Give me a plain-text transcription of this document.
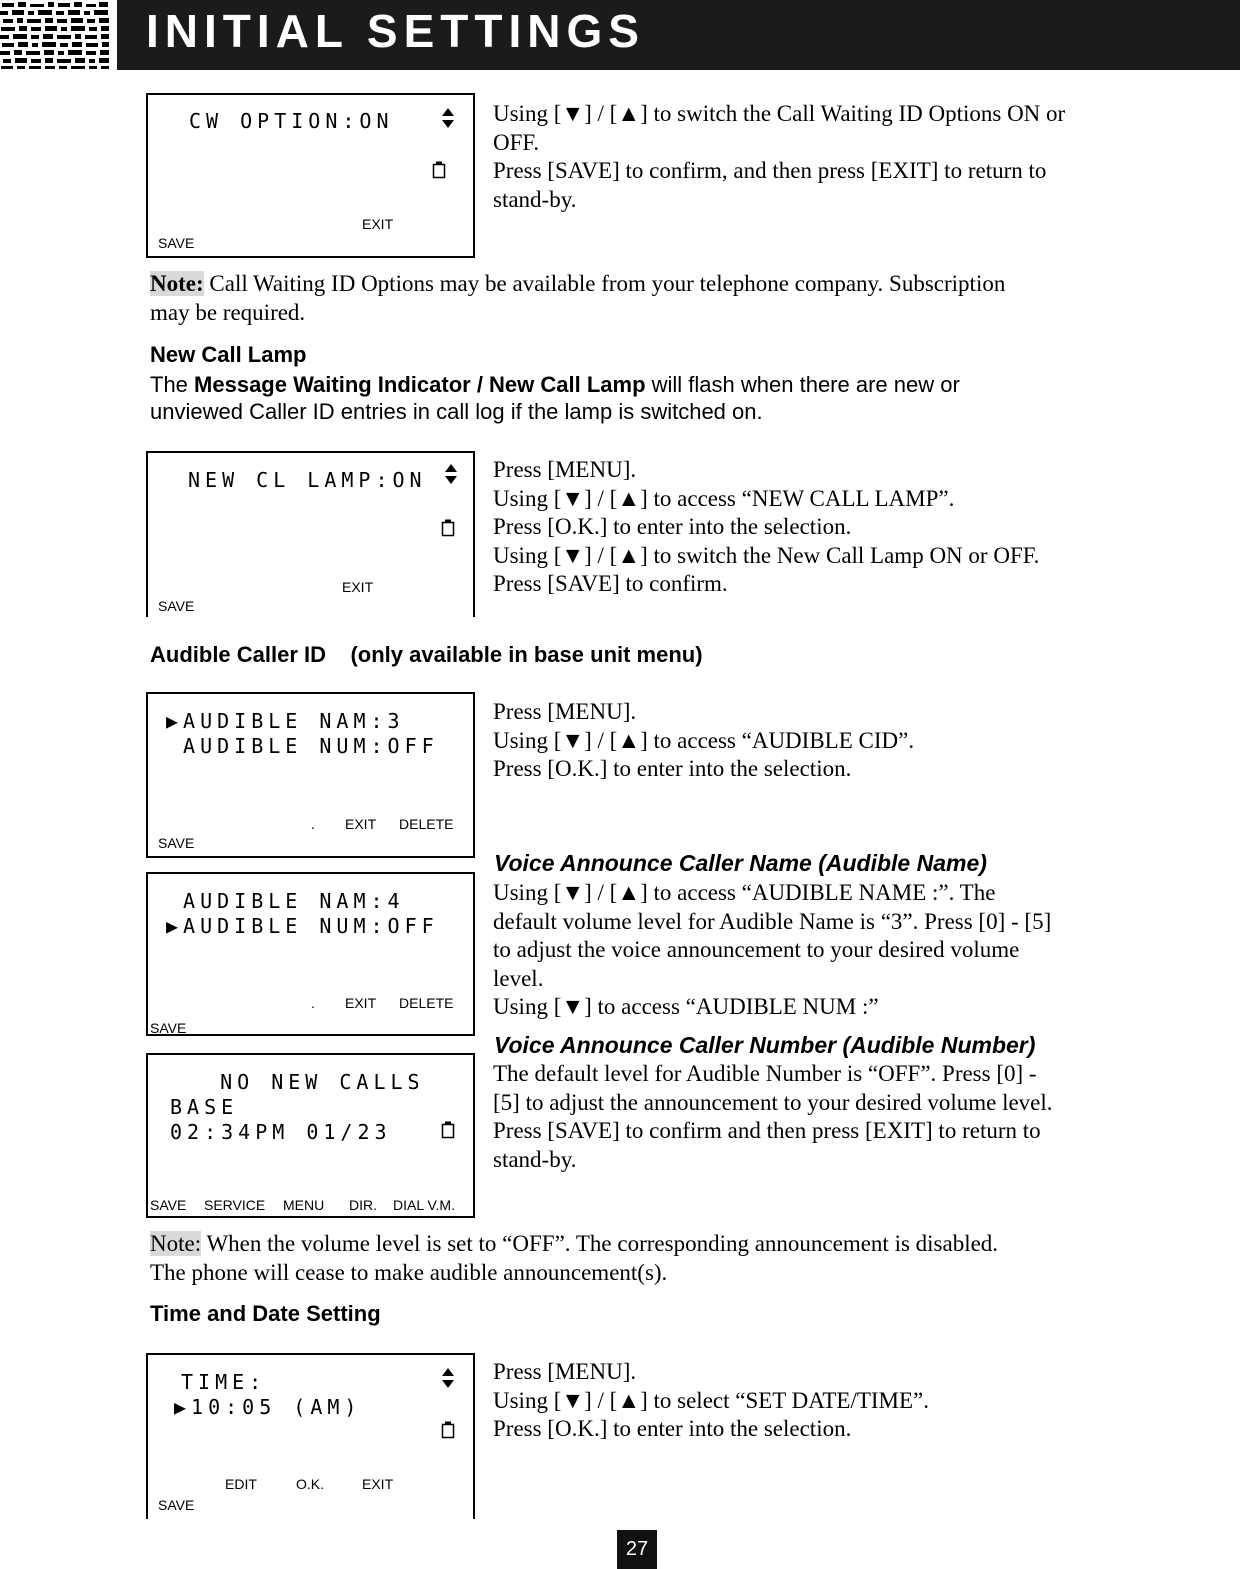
INITIAL SETTINGS
CW OPTION:ON
EXIT
SAVE

Using [▼] / [▲] to switch the Call Waiting ID Options ON or

OFF.

Press [SAVE] to confirm, and then press [EXIT] to return to

stand-by.

Note: Call Waiting ID Options may be available from your telephone company. Subscription

may be required.

New Call Lamp

The Message Waiting Indicator / New Call Lamp will flash when there are new or

unviewed Caller ID entries in call log if the lamp is switched on.

NEW CL LAMP:ON
EXIT
SAVE

Press [MENU].

Using [▼] / [▲] to access “NEW CALL LAMP”.

Press [O.K.] to enter into the selection.

Using [▼] / [▲] to switch the New Call Lamp ON or OFF.

Press [SAVE] to confirm.

Audible Caller ID    (only available in base unit menu)
▶AUDIBLE NAM:3
AUDIBLE NUM:OFF
. EXIT DELETE
SAVE
AUDIBLE NAM:4
▶AUDIBLE NUM:OFF
. EXIT DELETE
SAVE
NO NEW CALLS
BASE
02:34PM 01/23
SAVE SERVICE MENU DIR. DIAL V.M.

Press [MENU].

Using [▼] / [▲] to access “AUDIBLE CID”.

Press [O.K.] to enter into the selection.

Voice Announce Caller Name (Audible Name)

Using [▼] / [▲] to access “AUDIBLE NAME :”. The

default volume level for Audible Name is “3”. Press [0] - [5]

to adjust the voice announcement to your desired volume

level.

Using [▼] to access “AUDIBLE NUM :”

Voice Announce Caller Number (Audible Number)

The default level for Audible Number is “OFF”. Press [0] -

[5] to adjust the announcement to your desired volume level.

Press [SAVE] to confirm and then press [EXIT] to return to

stand-by.

Note: When the volume level is set to “OFF”. The corresponding announcement is disabled.

The phone will cease to make audible announcement(s).

Time and Date Setting
TIME:
▶10:05 (AM)
EDIT	O.K.	EXIT
SAVE

Press [MENU].

Using [▼] / [▲] to select “SET DATE/TIME”.

Press [O.K.] to enter into the selection.

27
